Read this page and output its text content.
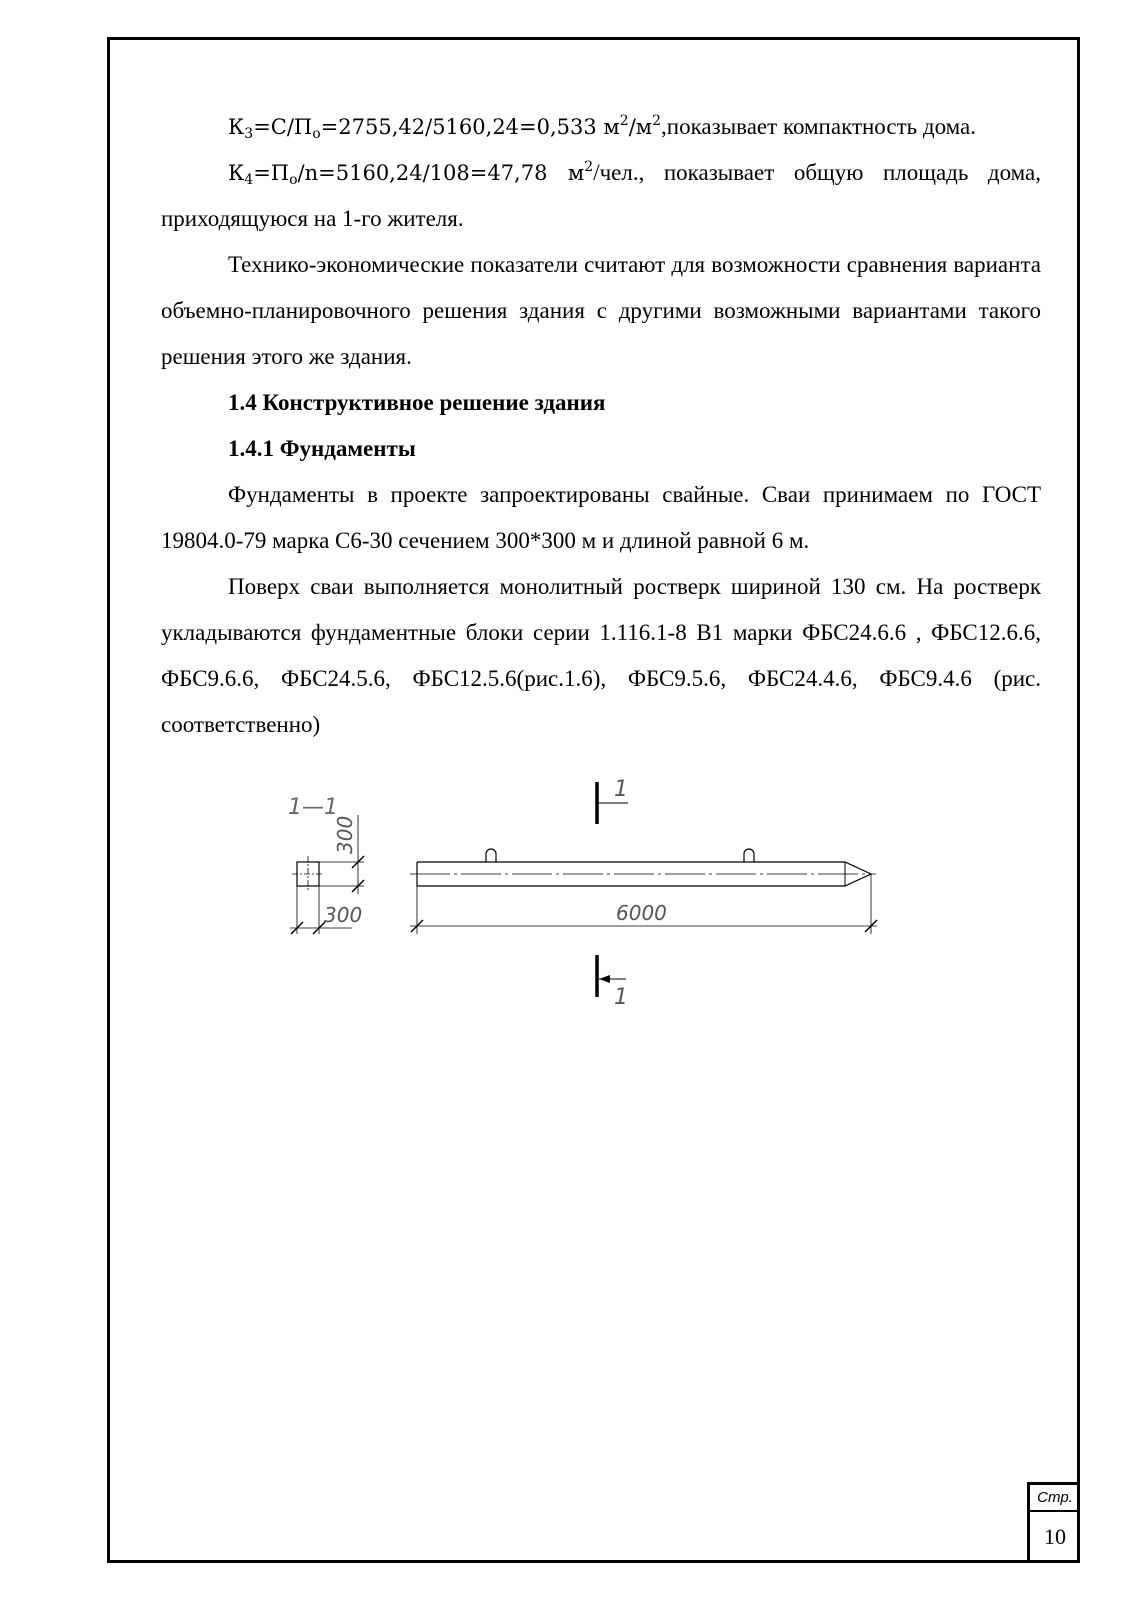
$К_3=С/П_о=2755,42/5160,24=0,533$ $м^2/м^2,показывает$ компактность дома.

$К_4=П_о/n=5160,24/108=47,78$ $м^2$/чел., показывает общую площадь дома, приходящуюся на 1-го жителя.

Технико-экономические показатели считают для возможности сравнения варианта объемно-планировочного решения здания с другими возможными вариантами такого решения этого же здания.

1.4 Конструктивное решение здания

1.4.1 Фундаменты

Фундаменты в проекте запроектированы свайные. Сваи принимаем по ГОСТ 19804.0-79 марка С6-30 сечением 300*300 м и длиной равной 6 м.

Поверх сваи выполняется монолитный ростверк шириной 130 см. На ростверк укладываются фундаментные блоки серии 1.116.1-8 В1 марки ФБС24.6.6 , ФБС12.6.6, ФБС9.6.6, ФБС24.5.6, ФБС12.5.6(рис.1.6), ФБС9.5.6, ФБС24.4.6, ФБС9.4.6 (рис. соответственно)

1—1
300
300	6000
1
1
Стр.
10
